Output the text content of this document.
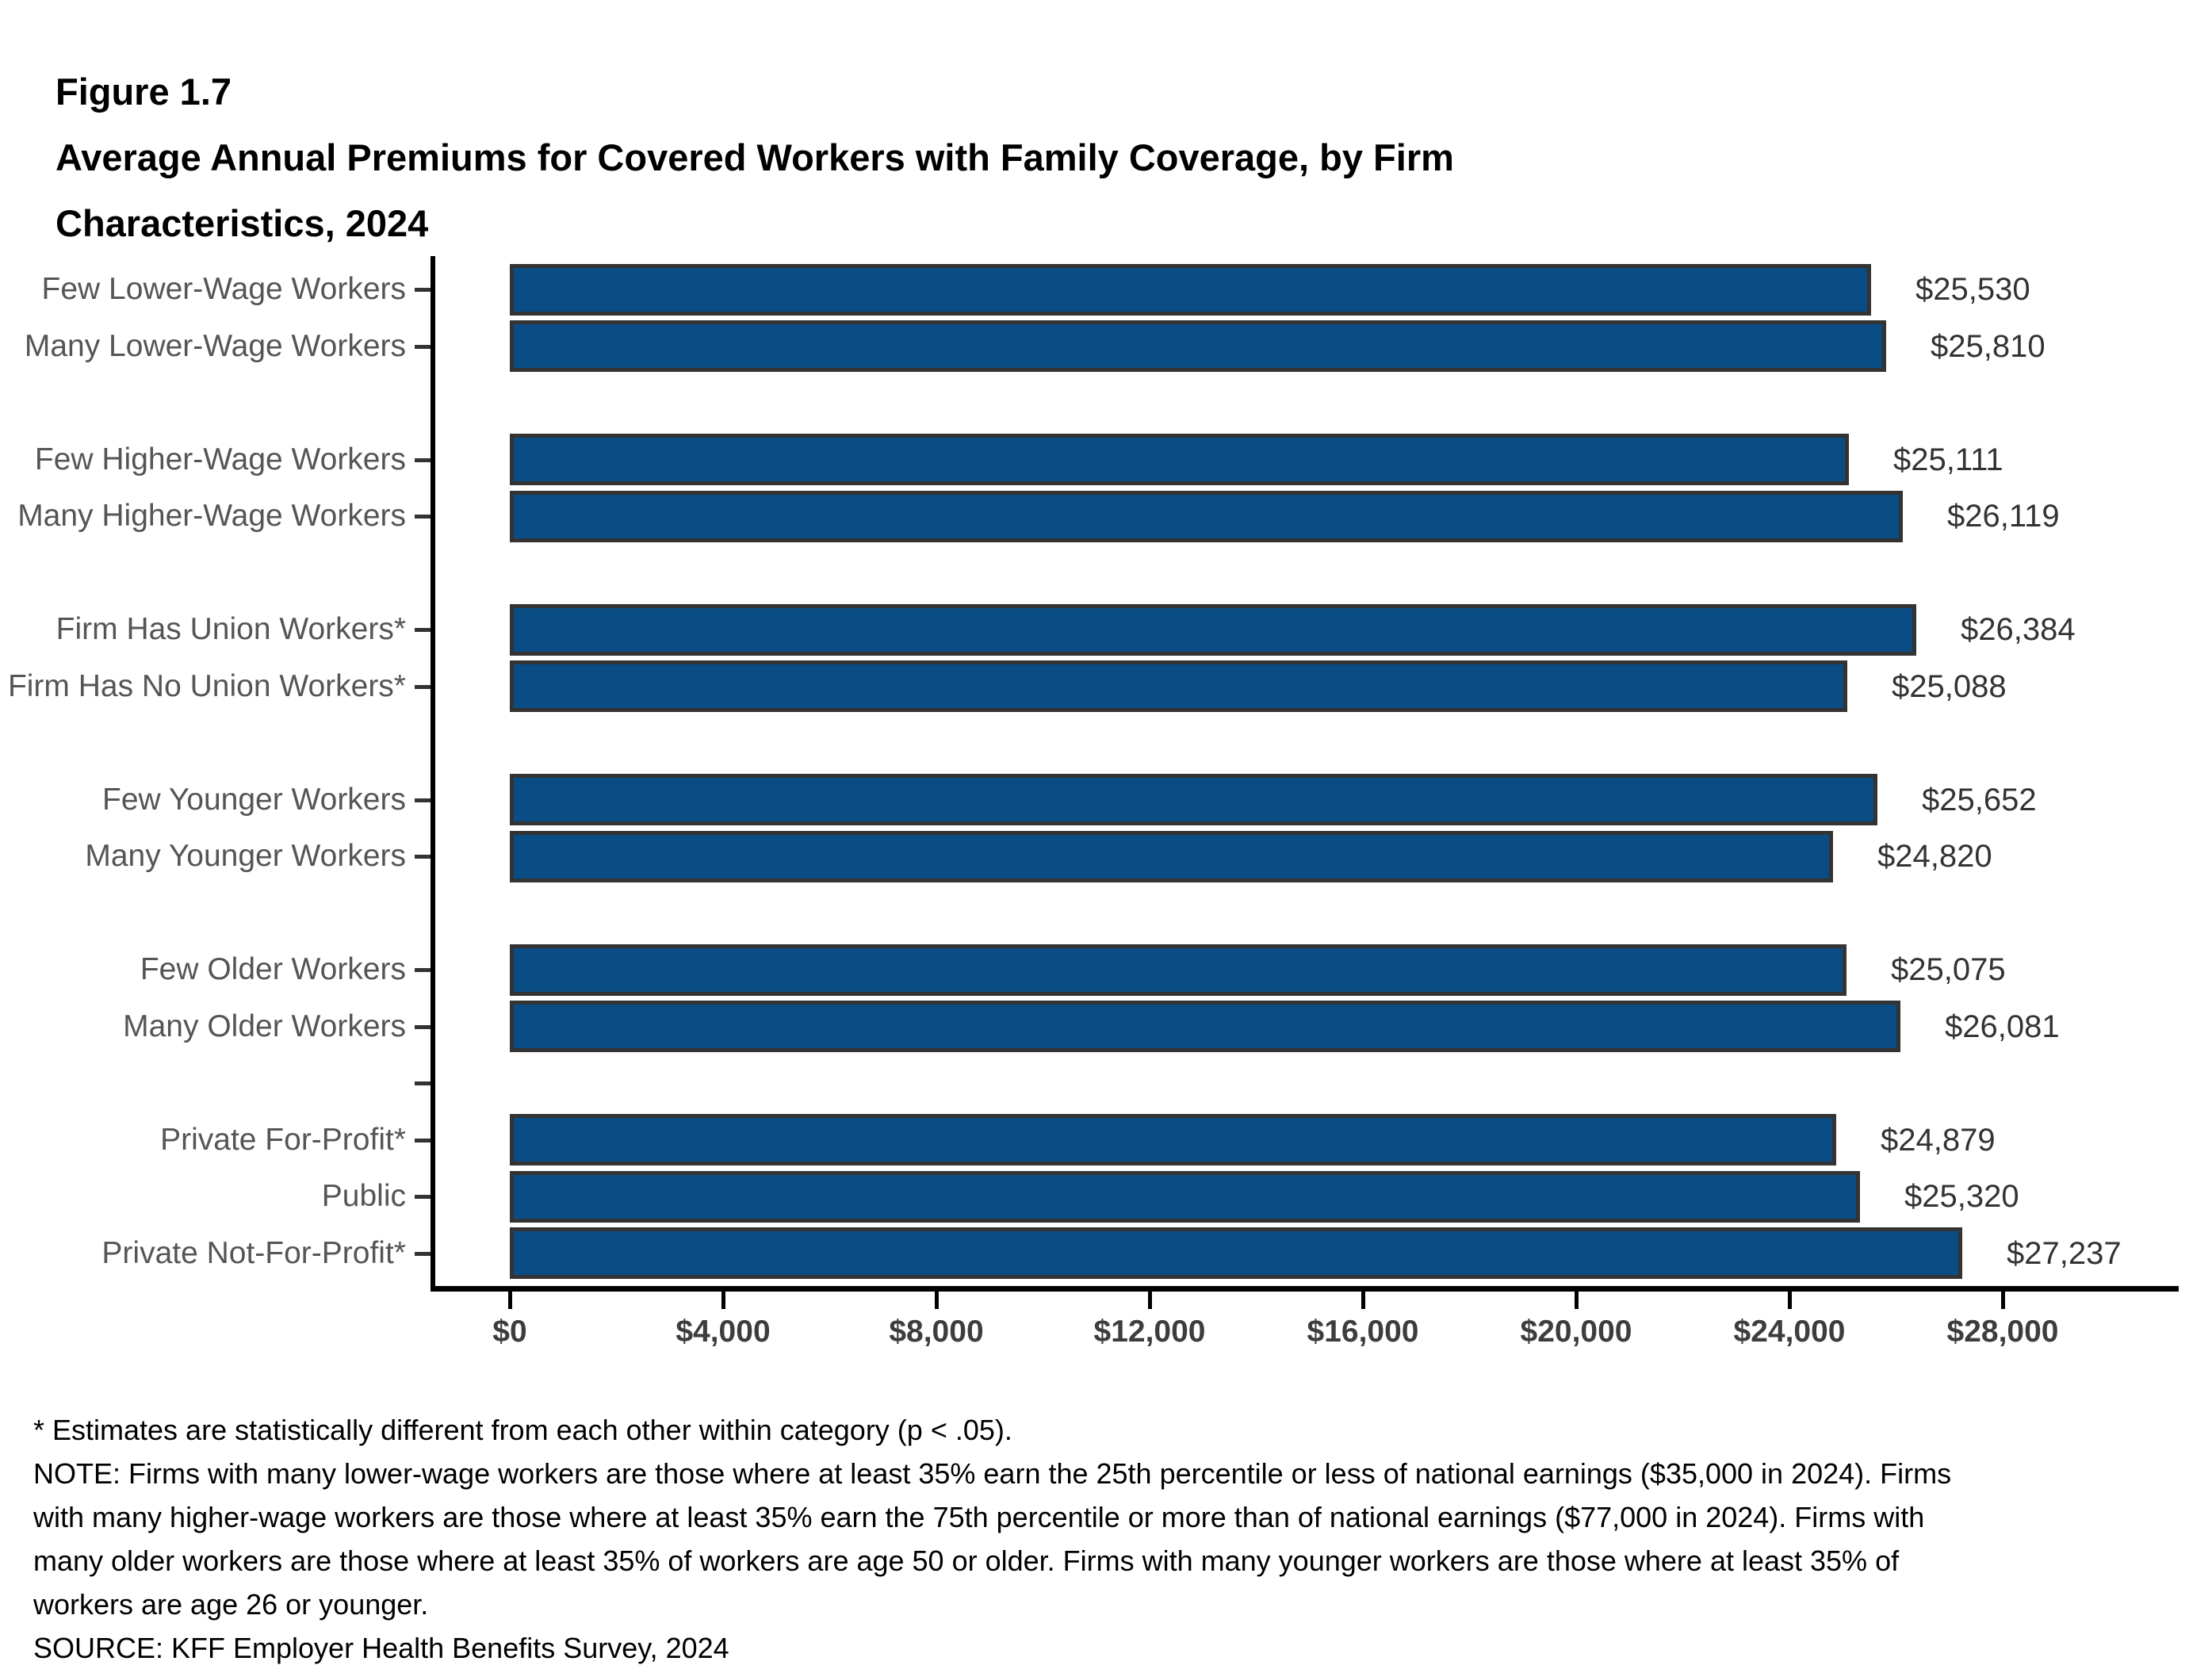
Figure 1.7
Average Annual Premiums for Covered Workers with Family Coverage, by Firm
Characteristics, 2024
Few Lower-Wage Workers	$25,530
Many Lower-Wage Workers	$25,810
Few Higher-Wage Workers	$25,111
Many Higher-Wage Workers	$26,119
Firm Has Union Workers*	$26,384
Firm Has No Union Workers*	$25,088
Few Younger Workers	$25,652
Many Younger Workers	$24,820
Few Older Workers	$25,075
Many Older Workers	$26,081
Private For-Profit*	$24,879
Public	$25,320
Private Not-For-Profit*	$27,237
$0	$4,000	$8,000	$12,000	$16,000	$20,000	$24,000	$28,000
* Estimates are statistically different from each other within category (p < .05).
NOTE: Firms with many lower-wage workers are those where at least 35% earn the 25th percentile or less of national earnings ($35,000 in 2024). Firms
with many higher-wage workers are those where at least 35% earn the 75th percentile or more than of national earnings ($77,000 in 2024). Firms with
many older workers are those where at least 35% of workers are age 50 or older. Firms with many younger workers are those where at least 35% of
workers are age 26 or younger.
SOURCE: KFF Employer Health Benefits Survey, 2024
